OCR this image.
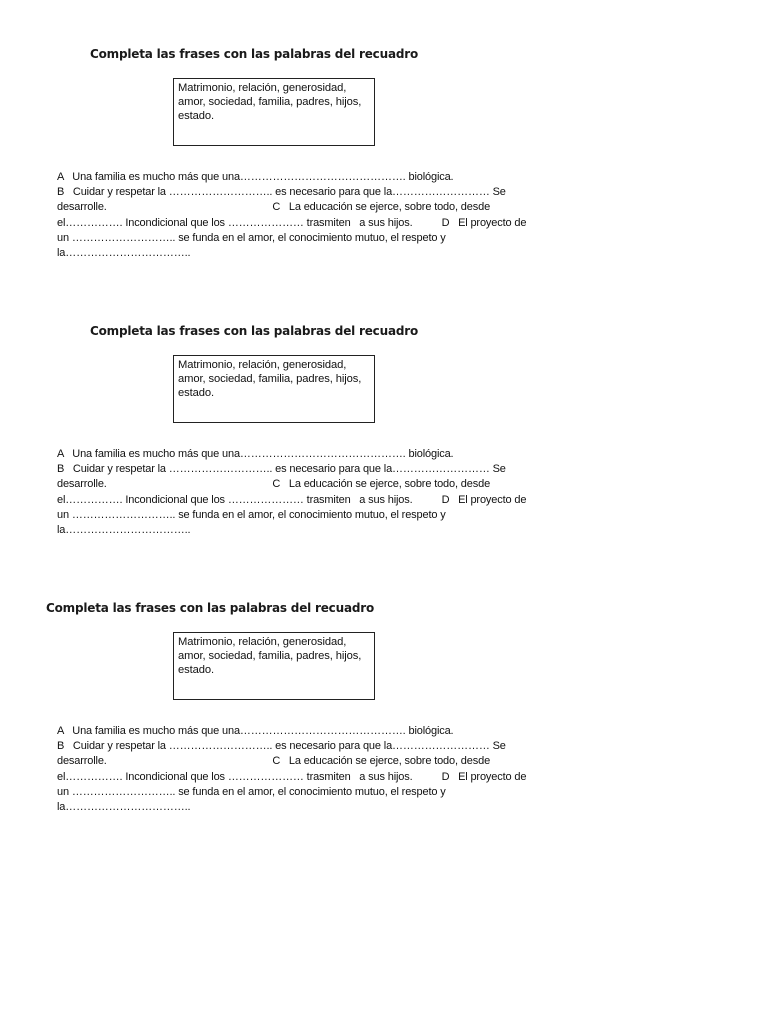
Completa las frases con las palabras del recuadro
Matrimonio, relación, generosidad,
amor, sociedad, familia, padres, hijos,
estado.
A   Una familia es mucho más que una………………………………………. biológica.
B   Cuidar y respetar la ……………………….. es necesario para que la……………………… Se
desarrolle.                                                         C   La educación se ejerce, sobre todo, desde
el……………. Incondicional que los ………………… trasmiten   a sus hijos.          D   El proyecto de
un ……………………….. se funda en el amor, el conocimiento mutuo, el respeto y
la……………………………..
Completa las frases con las palabras del recuadro
Matrimonio, relación, generosidad,
amor, sociedad, familia, padres, hijos,
estado.
A   Una familia es mucho más que una………………………………………. biológica.
B   Cuidar y respetar la ……………………….. es necesario para que la……………………… Se
desarrolle.                                                         C   La educación se ejerce, sobre todo, desde
el……………. Incondicional que los ………………… trasmiten   a sus hijos.          D   El proyecto de
un ……………………….. se funda en el amor, el conocimiento mutuo, el respeto y
la……………………………..
Completa las frases con las palabras del recuadro
Matrimonio, relación, generosidad,
amor, sociedad, familia, padres, hijos,
estado.
A   Una familia es mucho más que una………………………………………. biológica.
B   Cuidar y respetar la ……………………….. es necesario para que la……………………… Se
desarrolle.                                                         C   La educación se ejerce, sobre todo, desde
el……………. Incondicional que los ………………… trasmiten   a sus hijos.          D   El proyecto de
un ……………………….. se funda en el amor, el conocimiento mutuo, el respeto y
la……………………………..
